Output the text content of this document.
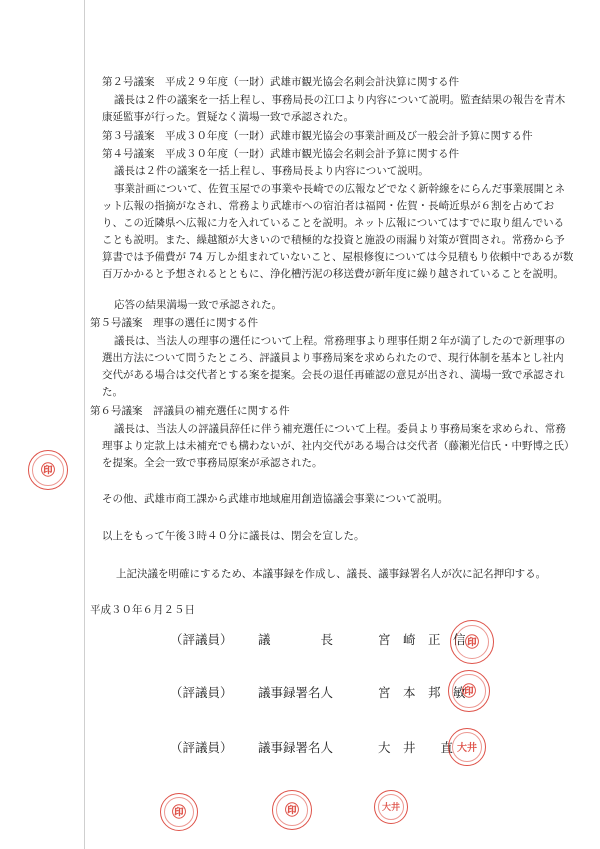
第２号議案　平成２９年度（一財）武雄市観光協会名刺会計決算に関する件
議長は２件の議案を一括上程し、事務局長の江口より内容について説明。監査結果の報告を青木康延監事が行った。質疑なく満場一致で承認された。
第３号議案　平成３０年度（一財）武雄市観光協会の事業計画及び一般会計予算に関する件
第４号議案　平成３０年度（一財）武雄市観光協会名刺会計予算に関する件
議長は２件の議案を一括上程し、事務局長より内容について説明。
事業計画について、佐賀玉屋での事業や長崎での広報などでなく新幹線をにらんだ事業展開とネット広報の指摘がなされ、常務より武雄市への宿泊者は福岡・佐賀・長崎近県が６割を占めており、この近隣県へ広報に力を入れていることを説明。ネット広報についてはすでに取り組んでいることも説明。また、繰越額が大きいので積極的な投資と施設の雨漏り対策が質問され。常務から予算書では予備費が 74 万しか組まれていないこと、屋根修復については今見積もり依頼中であるが数百万かかると予想されるとともに、浄化槽汚泥の移送費が新年度に繰り越されていることを説明。
応答の結果満場一致で承認された。
第５号議案　理事の選任に関する件
議長は、当法人の理事の選任について上程。常務理事より理事任期２年が満了したので新理事の選出方法について問うたところ、評議員より事務局案を求められたので、現行体制を基本とし社内交代がある場合は交代者とする案を提案。会長の退任再確認の意見が出され、満場一致で承認された。
第６号議案　評議員の補充選任に関する件
議長は、当法人の評議員辞任に伴う補充選任について上程。委員より事務局案を求められ、常務理事より定款上は未補充でも構わないが、社内交代がある場合は交代者（藤瀬光信氏・中野博之氏）を提案。全会一致で事務局原案が承認された。
その他、武雄市商工課から武雄市地域雇用創造協議会事業について説明。
以上をもって午後３時４０分に議長は、閉会を宣した。
上記決議を明確にするため、本議事録を作成し、議長、議事録署名人が次に記名押印する。
平成３０年６月２５日
（評議員） 議　　　　長	宮　崎　正　信
（評議員） 議事録署名人	宮　本　邦　敏
（評議員） 議事録署名人	大　井　　直
㊞
㊞
㊞
大井
㊞	㊞	大井
